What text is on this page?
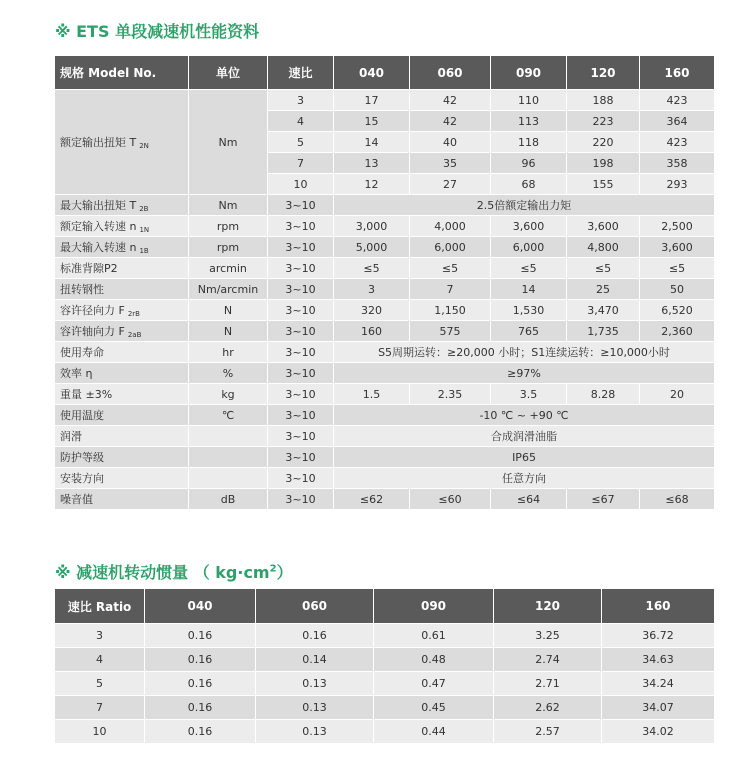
※ ETS 单段减速机性能资料
规格 Model No.	单位	速比	040	060	090	120	160
额定输出扭矩 T 2N	Nm	3	17	42	110	188	423
		4	15	42	113	223	364
		5	14	40	118	220	423
		7	13	35	96	198	358
		10	12	27	68	155	293
最大输出扭矩 T 2B	Nm	3~10	2.5倍额定输出力矩				
额定输入转速 n 1N	rpm	3~10	3,000	4,000	3,600	3,600	2,500
最大输入转速 n 1B	rpm	3~10	5,000	6,000	6,000	4,800	3,600
标准背隙P2	arcmin	3~10	≤5	≤5	≤5	≤5	≤5
扭转钢性	Nm/arcmin	3~10	3	7	14	25	50
容许径向力 F 2rB	N	3~10	320	1,150	1,530	3,470	6,520
容许轴向力 F 2aB	N	3~10	160	575	765	1,735	2,360
使用寿命	hr	3~10	S5周期运转：≥20,000 小时；S1连续运转：≥10,000小时				
效率 η	%	3~10	≥97%				
重量 ±3%	kg	3~10	1.5	2.35	3.5	8.28	20
使用温度	℃	3~10	-10 ℃ ~ +90 ℃				
润滑		3~10	合成润滑油脂				
防护等级		3~10	IP65				
安装方向		3~10	任意方向				
噪音值	dB	3~10	≤62	≤60	≤64	≤67	≤68
※ 减速机转动惯量 （ $kg\cdot cm^2$）
速比 Ratio	040	060	090	120	160
3	0.16	0.16	0.61	3.25	36.72
4	0.16	0.14	0.48	2.74	34.63
5	0.16	0.13	0.47	2.71	34.24
7	0.16	0.13	0.45	2.62	34.07
10	0.16	0.13	0.44	2.57	34.02
